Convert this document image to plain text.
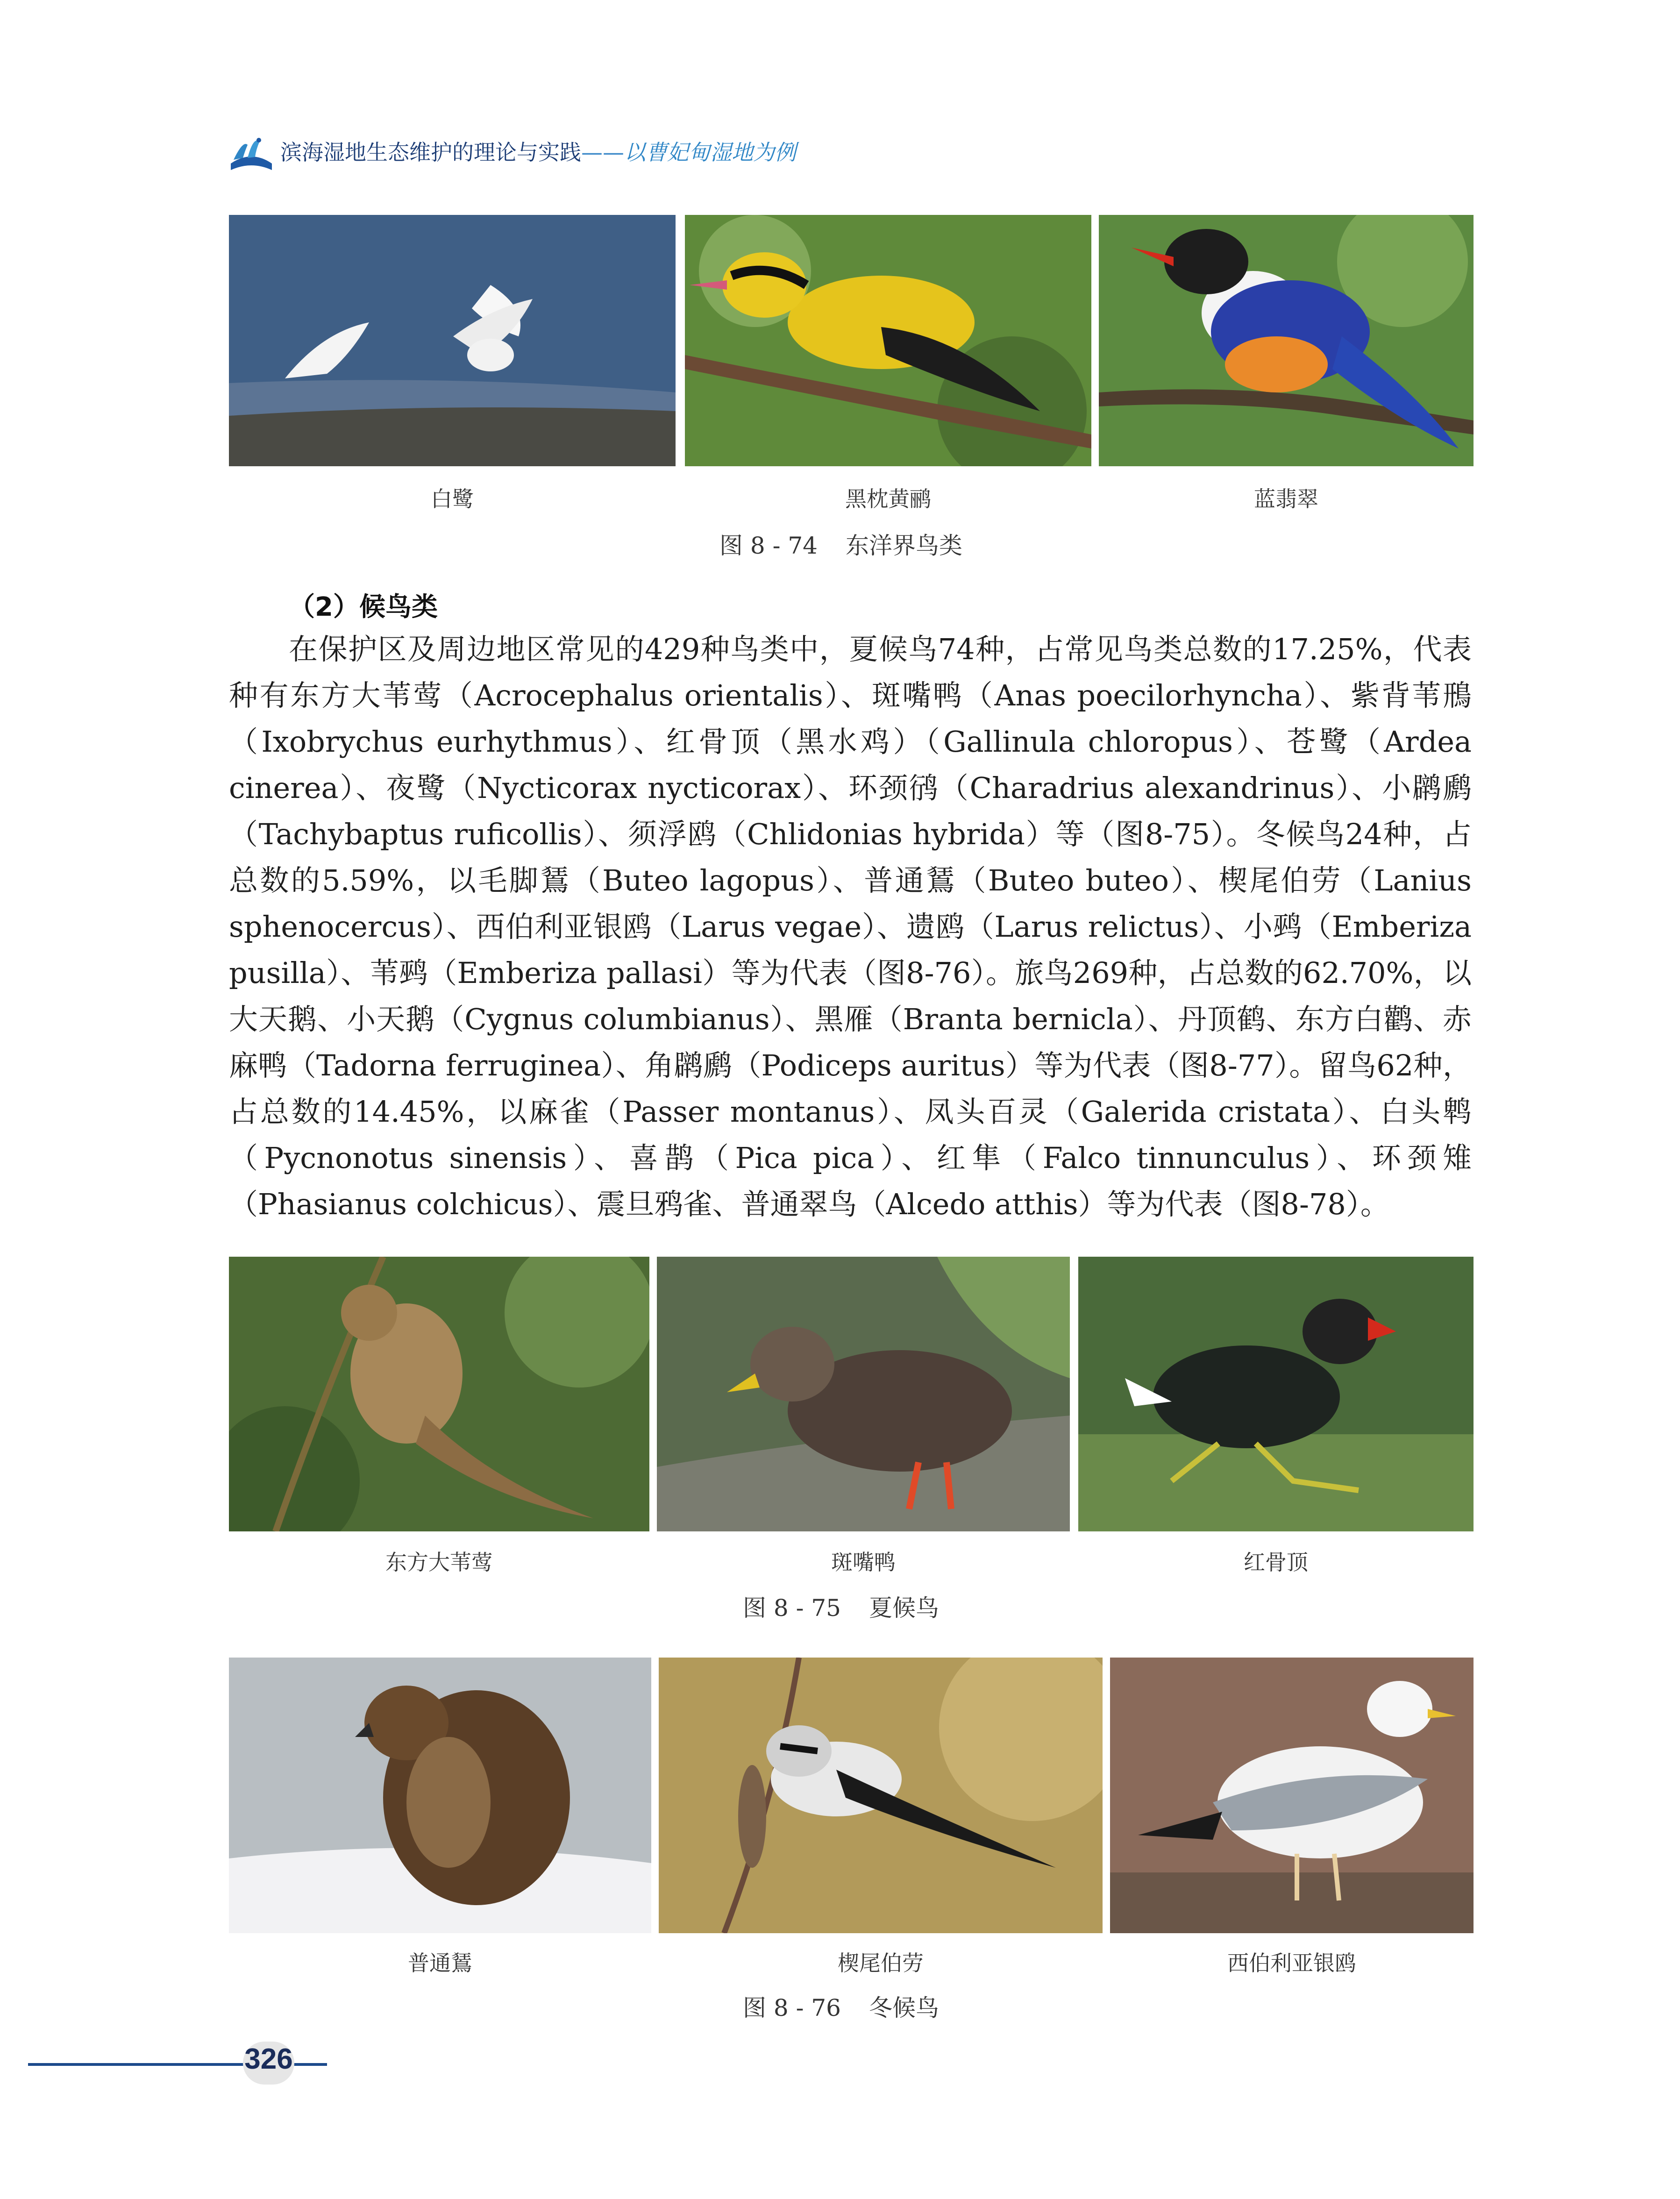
滨海湿地生态维护的理论与实践——以曹妃甸湿地为例
白鹭	黑枕黄鹂	蓝翡翠
图 8 - 74 东洋界鸟类
（2）候鸟类
在保护区及周边地区常见的429种鸟类中，夏候鸟74种，占常见鸟类总数的17.25%，代表种有东方大苇莺（Acrocephalus orientalis）、斑嘴鸭（Anas poecilorhyncha）、紫背苇鳽（Ixobrychus eurhythmus）、红骨顶（黑水鸡）（Gallinula chloropus）、苍鹭（Ardea cinerea）、夜鹭（Nycticorax nycticorax）、环颈鸻（Charadrius alexandrinus）、小䴙䴘（Tachybaptus ruficollis）、须浮鸥（Chlidonias hybrida）等（图8-75）。冬候鸟24种，占总数的5.59%，以毛脚鵟（Buteo lagopus）、普通鵟（Buteo buteo）、楔尾伯劳（Lanius sphenocercus）、西伯利亚银鸥（Larus vegae）、遗鸥（Larus relictus）、小鹀（Emberiza pusilla）、苇鹀（Emberiza pallasi）等为代表（图8-76）。旅鸟269种，占总数的62.70%，以大天鹅、小天鹅（Cygnus columbianus）、黑雁（Branta bernicla）、丹顶鹤、东方白鹳、赤麻鸭（Tadorna ferruginea）、角䴙䴘（Podiceps auritus）等为代表（图8-77）。留鸟62种，占总数的14.45%，以麻雀（Passer montanus）、凤头百灵（Galerida cristata）、白头鹎（Pycnonotus sinensis）、喜鹊（Pica pica）、红隼（Falco tinnunculus）、环颈雉（Phasianus colchicus）、震旦鸦雀、普通翠鸟（Alcedo atthis）等为代表（图8-78）。
东方大苇莺	斑嘴鸭	红骨顶
图 8 - 75 夏候鸟
普通鵟	楔尾伯劳	西伯利亚银鸥
图 8 - 76 冬候鸟
326
